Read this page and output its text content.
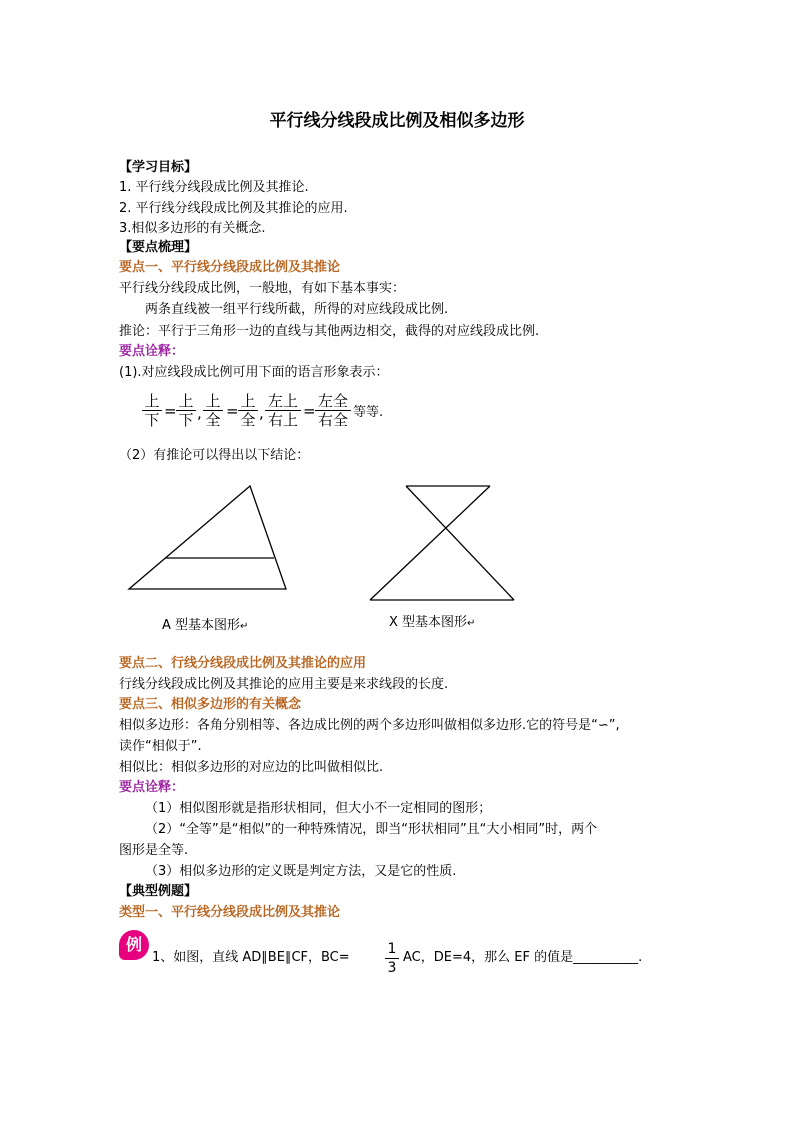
平行线分线段成比例及相似多边形
【学习目标】
1. 平行线分线段成比例及其推论.
2. 平行线分线段成比例及其推论的应用.
3.相似多边形的有关概念.
【要点梳理】
要点一、平行线分线段成比例及其推论
平行线分线段成比例，一般地，有如下基本事实：
两条直线被一组平行线所截，所得的对应线段成比例.
推论：平行于三角形一边的直线与其他两边相交，截得的对应线段成比例.
要点诠释：
(1).对应线段成比例可用下面的语言形象表示：
上
下 =
上
下 ,
上
全 =
上
全 ,
左上
右上 =
左全
右全 等等.
（2）有推论可以得出以下结论：
A 型基本图形↵	X 型基本图形↵
要点二、行线分线段成比例及其推论的应用
行线分线段成比例及其推论的应用主要是来求线段的长度.
要点三、相似多边形的有关概念
相似多边形：各角分别相等、各边成比例的两个多边形叫做相似多边形.它的符号是“∽”,
读作“相似于”.
相似比：相似多边形的对应边的比叫做相似比.
要点诠释：
（1）相似图形就是指形状相同，但大小不一定相同的图形；
（2）“全等”是“相似”的一种特殊情况，即当“形状相同”且“大小相同”时，两个
图形是全等.
（3）相似多边形的定义既是判定方法，又是它的性质.
【典型例题】
类型一、平行线分线段成比例及其推论
例
1、如图，直线 AD∥BE∥CF，BC=	$\frac{1}{3}$ AC，DE=4，那么 EF 的值是__________.
